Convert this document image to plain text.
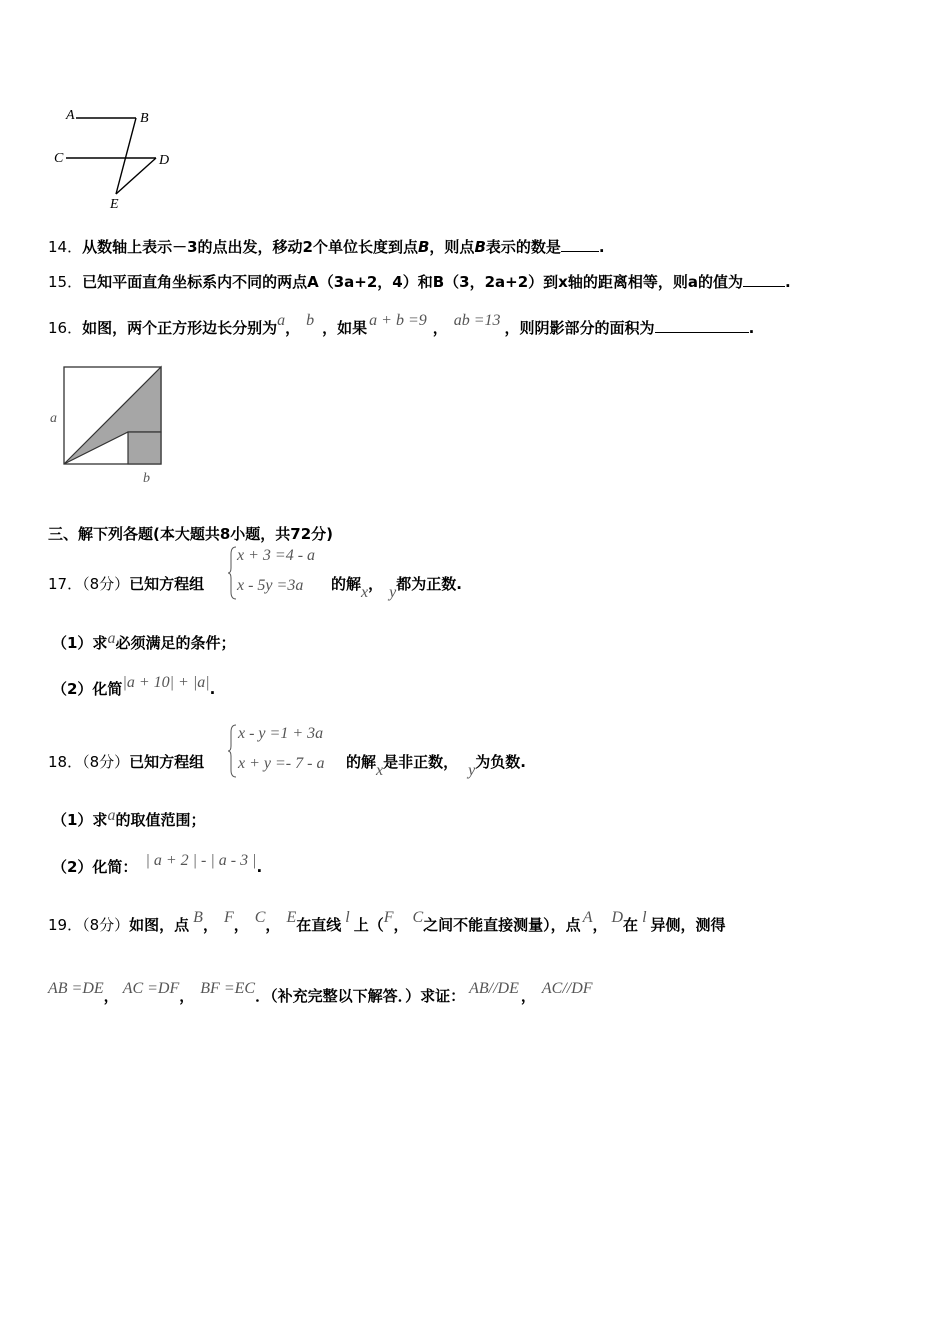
A	B
C	D
E
14．从数轴上表示－3的点出发，移动2个单位长度到点B，则点B表示的数是	.
15．已知平面直角坐标系内不同的两点A（3a+2，4）和B（3，2a+2）到x轴的距离相等，则a的值为	.
16．如图，两个正方形边长分别为a， b ，如果 a + b =9 ， ab =13 ，则阴影部分的面积为	.
a
b
三、解下列各题(本大题共8小题，共72分)
x + 3 =4 - a
x - 5y =3a
17．（8分）已知方程组	的解x， y都为正数.
（1）求a必须满足的条件；
（2）化简|a + 10| + |a|.
x - y =1 + 3a
x + y =- 7 - a
18．（8分）已知方程组	的解x是非正数， y为负数.
（1）求a的取值范围；
（2）化简： | a + 2 | - | a - 3 |.
19．（8分）如图，点 B， F， C， E在直线 l 上（F， C之间不能直接测量），点 A， D在 l 异侧，测得
AB =DE， AC =DF， BF =EC．（补充完整以下解答．）求证： AB//DE ， AC//DF
